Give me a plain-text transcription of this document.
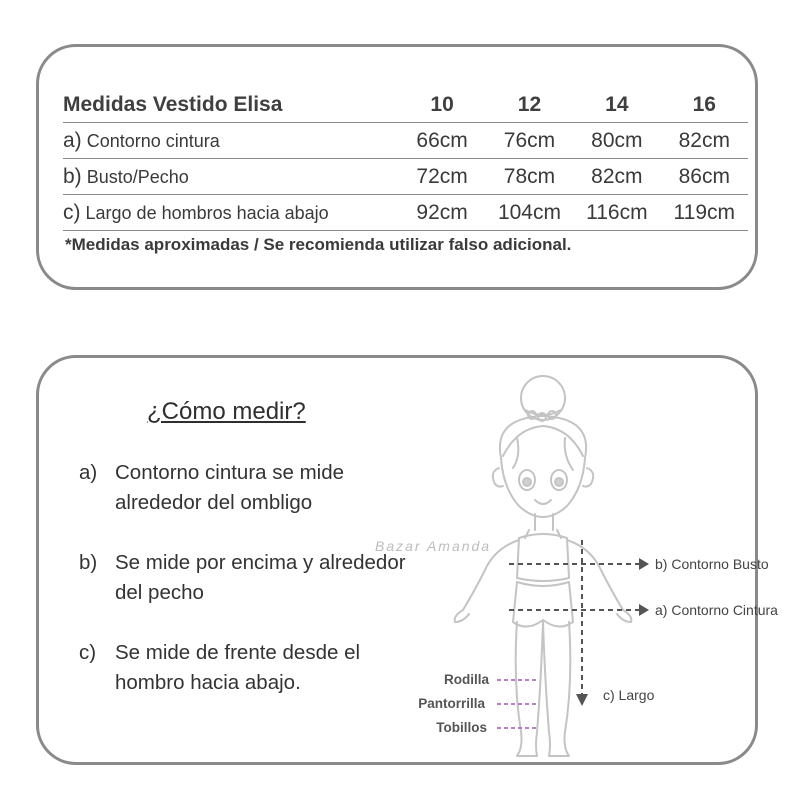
Medidas Vestido Elisa	10	12	14	16
a) Contorno cintura	66cm	76cm	80cm	82cm
b) Busto/Pecho	72cm	78cm	82cm	86cm
c) Largo de hombros hacia abajo	92cm	104cm	116cm	119cm
*Medidas aproximadas / Se recomienda utilizar falso adicional.
¿Cómo medir?
a) Contorno cintura se mide alrededor del ombligo
b) Se mide por encima y alrededor del pecho
c) Se mide de frente desde el hombro hacia abajo.
Bazar Amanda
b) Contorno Busto
a) Contorno Cintura
c) Largo
Rodilla
Pantorrilla
Tobillos
